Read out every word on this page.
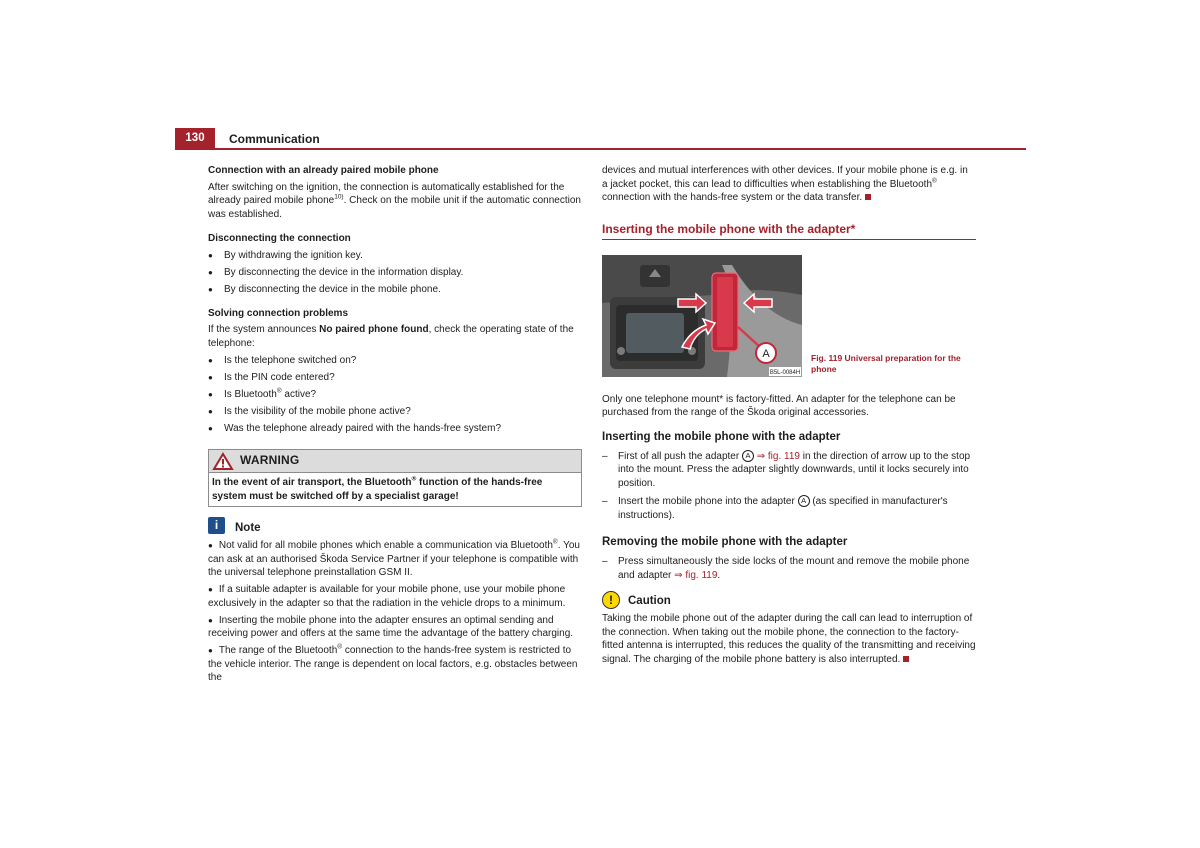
130	Communication
Connection with an already paired mobile phone

After switching on the ignition, the connection is automatically established for the already paired mobile phone$^{10)}$. Check on the mobile unit if the automatic connection was established.

Disconnecting the connection
● By withdrawing the ignition key.
● By disconnecting the device in the information display.
● By disconnecting the device in the mobile phone.
Solving connection problems

If the system announces No paired phone found, check the operating state of the telephone:

● Is the telephone switched on?
● Is the PIN code entered?
● Is Bluetooth® active?
● Is the visibility of the mobile phone active?
● Was the telephone already paired with the hands-free system?
WARNING
In the event of air transport, the Bluetooth® function of the hands-free system must be switched off by a specialist garage!
i	Note

● Not valid for all mobile phones which enable a communication via Bluetooth®. You can ask at an authorised Škoda Service Partner if your telephone is compatible with the universal telephone preinstallation GSM II.

● If a suitable adapter is available for your mobile phone, use your mobile phone exclusively in the adapter so that the radiation in the vehicle drops to a minimum.

● Inserting the mobile phone into the adapter ensures an optimal sending and receiving power and offers at the same time the advantage of the battery charging.

● The range of the Bluetooth® connection to the hands-free system is restricted to the vehicle interior. The range is dependent on local factors, e.g. obstacles between the

devices and mutual interferences with other devices. If your mobile phone is e.g. in a jacket pocket, this can lead to difficulties when establishing the Bluetooth® connection with the hands-free system or the data transfer.

Inserting the mobile phone with the adapter*
A
B5L-0084H
Fig. 119 Universal preparation for the phone

Only one telephone mount* is factory-fitted. An adapter for the telephone can be purchased from the range of the Škoda original accessories.

Inserting the mobile phone with the adapter
– First of all push the adapter A ⇒ fig. 119 in the direction of arrow up to the stop into the mount. Press the adapter slightly downwards, until it locks securely into position.
– Insert the mobile phone into the adapter A (as specified in manufacturer's instructions).
Removing the mobile phone with the adapter
– Press simultaneously the side locks of the mount and remove the mobile phone and adapter ⇒ fig. 119.
!	Caution

Taking the mobile phone out of the adapter during the call can lead to interruption of the connection. When taking out the mobile phone, the connection to the factory-fitted antenna is interrupted, this reduces the quality of the transmitting and receiving signal. The charging of the mobile phone battery is also interrupted.
